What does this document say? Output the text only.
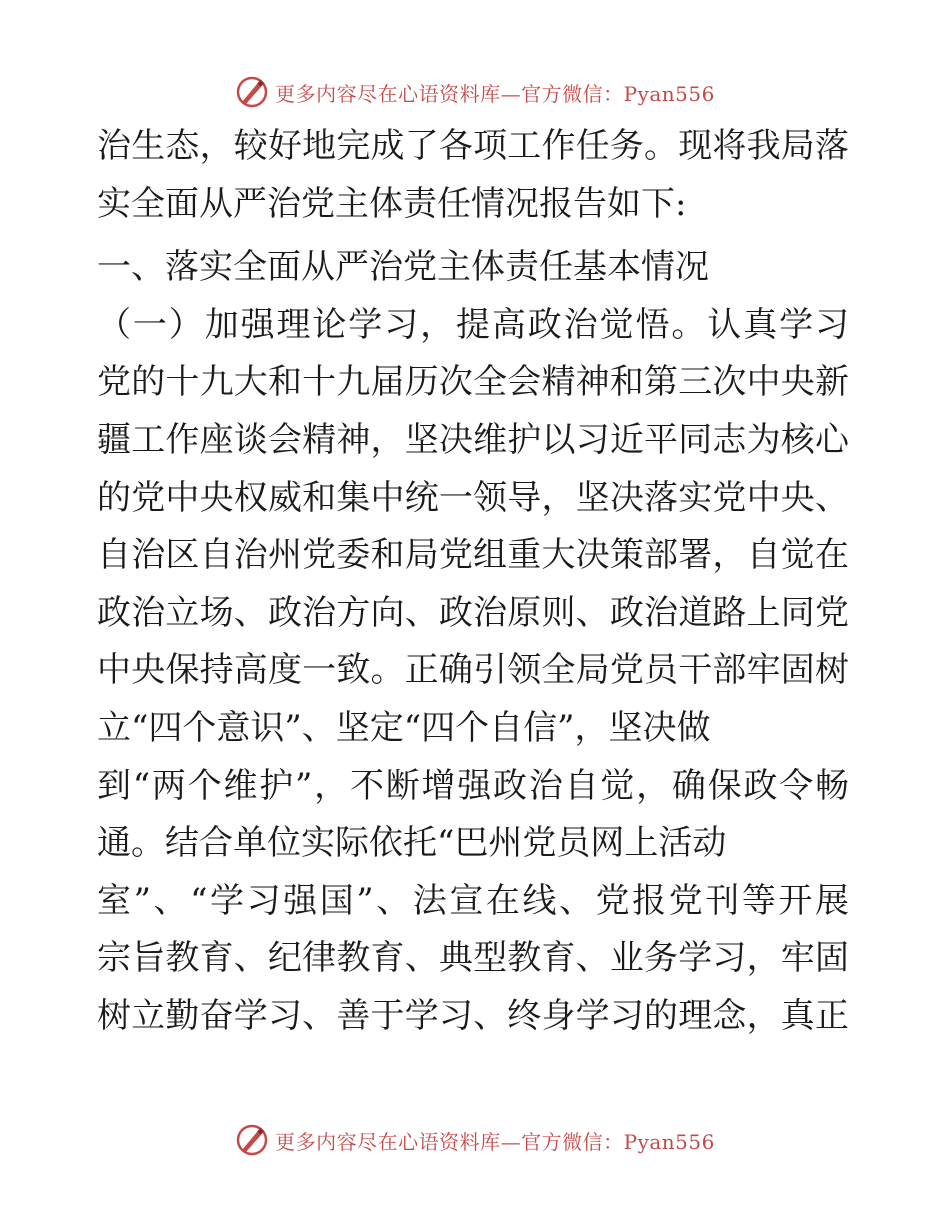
更多内容尽在心语资料库—官方微信：Pyan556
治生态，较好地完成了各项工作任务。现将我局落
实全面从严治党主体责任情况报告如下:
一、落实全面从严治党主体责任基本情况
（一）加强理论学习，提高政治觉悟。认真学习
党的十九大和十九届历次全会精神和第三次中央新
疆工作座谈会精神，坚决维护以习近平同志为核心
的党中央权威和集中统一领导，坚决落实党中央、
自治区自治州党委和局党组重大决策部署，自觉在
政治立场、政治方向、政治原则、政治道路上同党
中央保持高度一致。正确引领全局党员干部牢固树
立“四个意识”、坚定“四个自信”，坚决做
到“两个维护”，不断增强政治自觉，确保政令畅
通。结合单位实际依托“巴州党员网上活动
室”、“学习强国”、法宣在线、党报党刊等开展
宗旨教育、纪律教育、典型教育、业务学习，牢固
树立勤奋学习、善于学习、终身学习的理念，真正
更多内容尽在心语资料库—官方微信：Pyan556
